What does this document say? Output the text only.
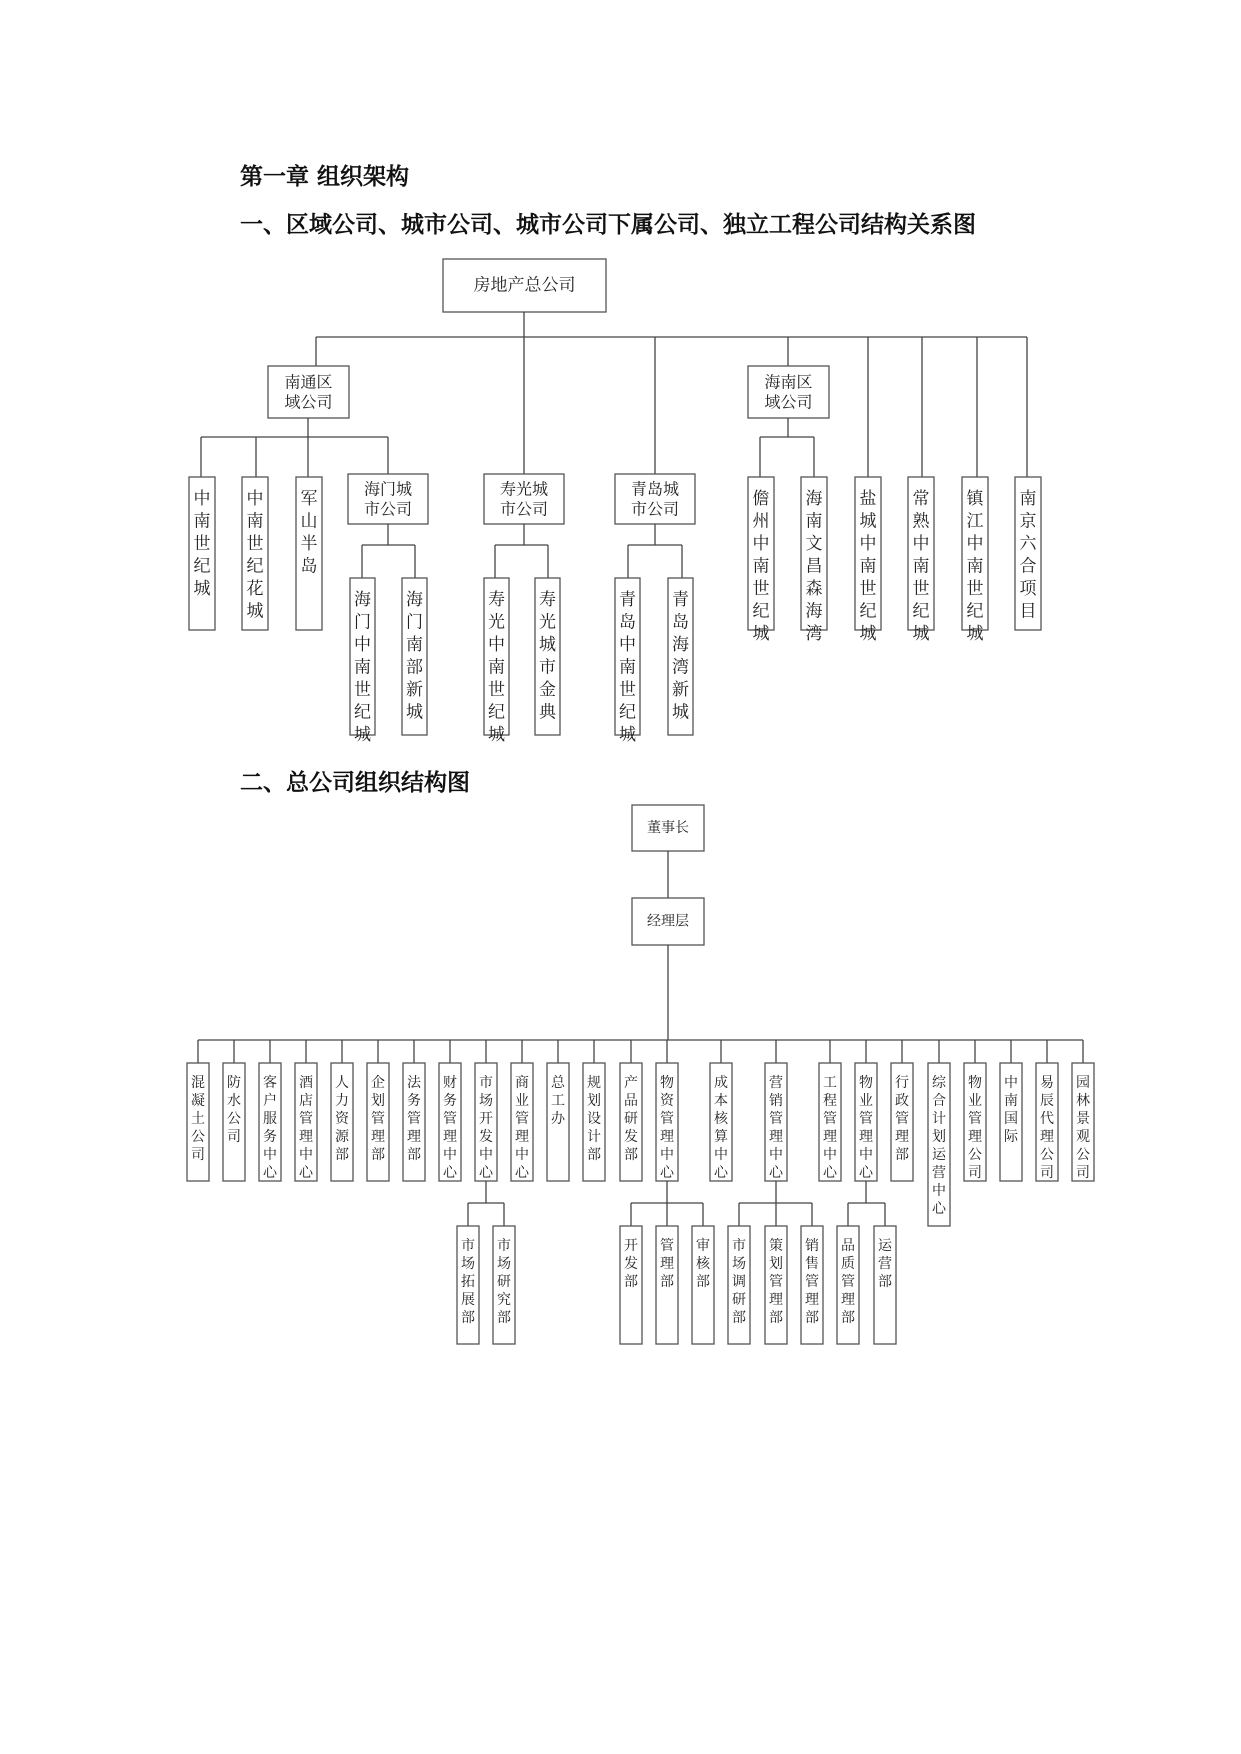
第一章 组织架构
一、区域公司、城市公司、城市公司下属公司、独立工程公司结构关系图
二、总公司组织结构图
房地产总公司
南通区
域公司
海南区
域公司
海门城
市公司
寿光城
市公司
青岛城
市公司
中南世纪城
中南世纪花城
军山半岛
儋州中南世纪城
海南文昌森海湾
盐城中南世纪城
常熟中南世纪城
镇江中南世纪城
南京六合项目
海门中南世纪城
海门南部新城
寿光中南世纪城
寿光城市金典
青岛中南世纪城
青岛海湾新城
董事长
经理层
混凝土公司
防水公司
客户服务中心
酒店管理中心
人力资源部
企划管理部
法务管理部
财务管理中心
市场开发中心
商业管理中心
总工办
规划设计部
产品研发部
物资管理中心
成本核算中心
营销管理中心
工程管理中心
物业管理中心
行政管理部
综合计划运营中心
物业管理公司
中南国际
易辰代理公司
园林景观公司
市场拓展部
市场研究部
开发部
管理部
审核部
市场调研部
策划管理部
销售管理部
品质管理部
运营部
